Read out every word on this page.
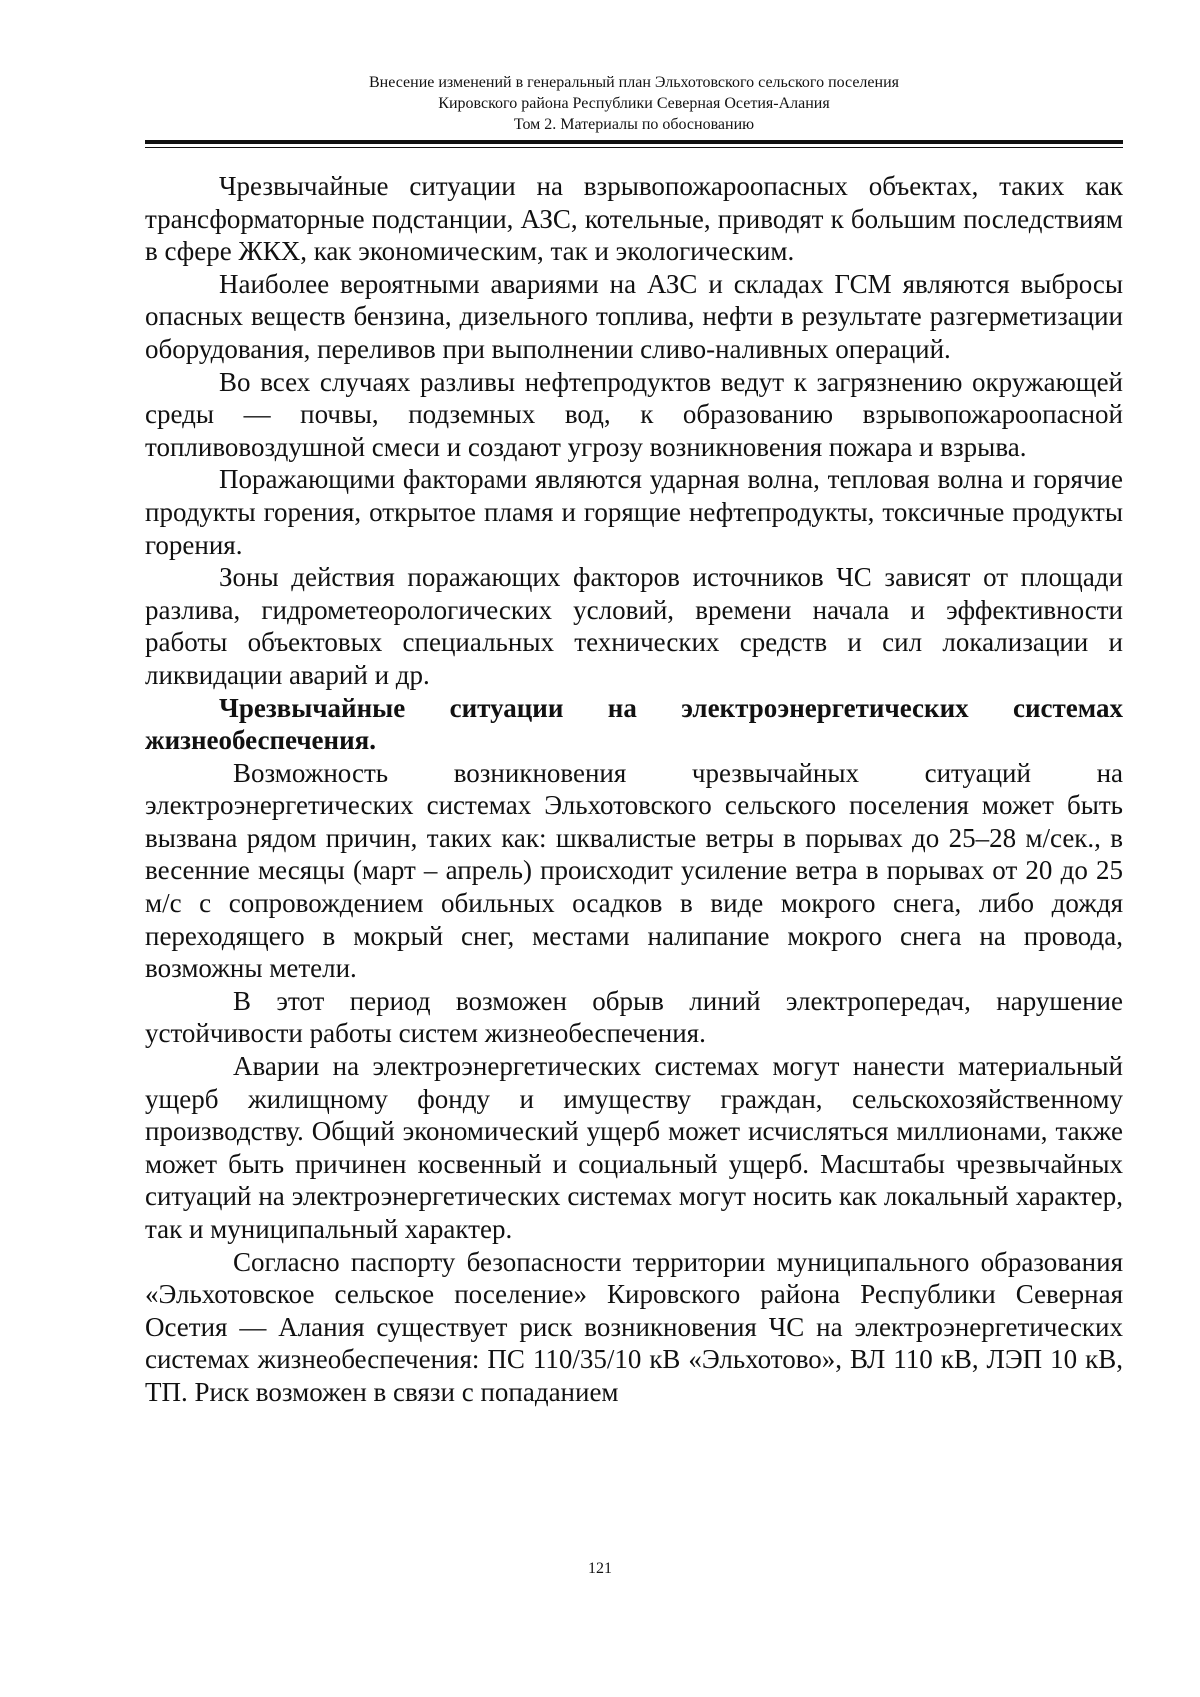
Внесение изменений в генеральный план Эльхотовского сельского поселения
Кировского района Республики Северная Осетия-Алания
Том 2. Материалы по обоснованию

Чрезвычайные ситуации на взрывопожароопасных объектах, таких как трансформаторные подстанции, АЗС, котельные, приводят к большим последствиям в сфере ЖКХ, как экономическим, так и экологическим.

Наиболее вероятными авариями на АЗС и складах ГСМ являются выбросы опасных веществ бензина, дизельного топлива, нефти в результате разгерметизации оборудования, переливов при выполнении сливо-наливных операций.

Во всех случаях разливы нефтепродуктов ведут к загрязнению окружающей среды — почвы, подземных вод, к образованию взрывопожароопасной топливовоздушной смеси и создают угрозу возникновения пожара и взрыва.

Поражающими факторами являются ударная волна, тепловая волна и горячие продукты горения, открытое пламя и горящие нефтепродукты, токсичные продукты горения.

Зоны действия поражающих факторов источников ЧС зависят от площади разлива, гидрометеорологических условий, времени начала и эффективности работы объектовых специальных технических средств и сил локализации и ликвидации аварий и др.

Чрезвычайные ситуации на электроэнергетических системах жизнеобеспечения.

Возможность возникновения чрезвычайных ситуаций на электроэнергетических системах Эльхотовского сельского поселения может быть вызвана рядом причин, таких как: шквалистые ветры в порывах до 25–28 м/сек., в весенние месяцы (март – апрель) происходит усиление ветра в порывах от 20 до 25 м/с с сопровождением обильных осадков в виде мокрого снега, либо дождя переходящего в мокрый снег, местами налипание мокрого снега на провода, возможны метели.

В этот период возможен обрыв линий электропередач, нарушение устойчивости работы систем жизнеобеспечения.

Аварии на электроэнергетических системах могут нанести материальный ущерб жилищному фонду и имуществу граждан, сельскохозяйственному производству. Общий экономический ущерб может исчисляться миллионами, также может быть причинен косвенный и социальный ущерб. Масштабы чрезвычайных ситуаций на электроэнергетических системах могут носить как локальный характер, так и муниципальный характер.

Согласно паспорту безопасности территории муниципального образования «Эльхотовское сельское поселение» Кировского района Республики Северная Осетия — Алания существует риск возникновения ЧС на электроэнергетических системах жизнеобеспечения: ПС 110/35/10 кВ «Эльхотово», ВЛ 110 кВ, ЛЭП 10 кВ, ТП. Риск возможен в связи с попаданием

121
